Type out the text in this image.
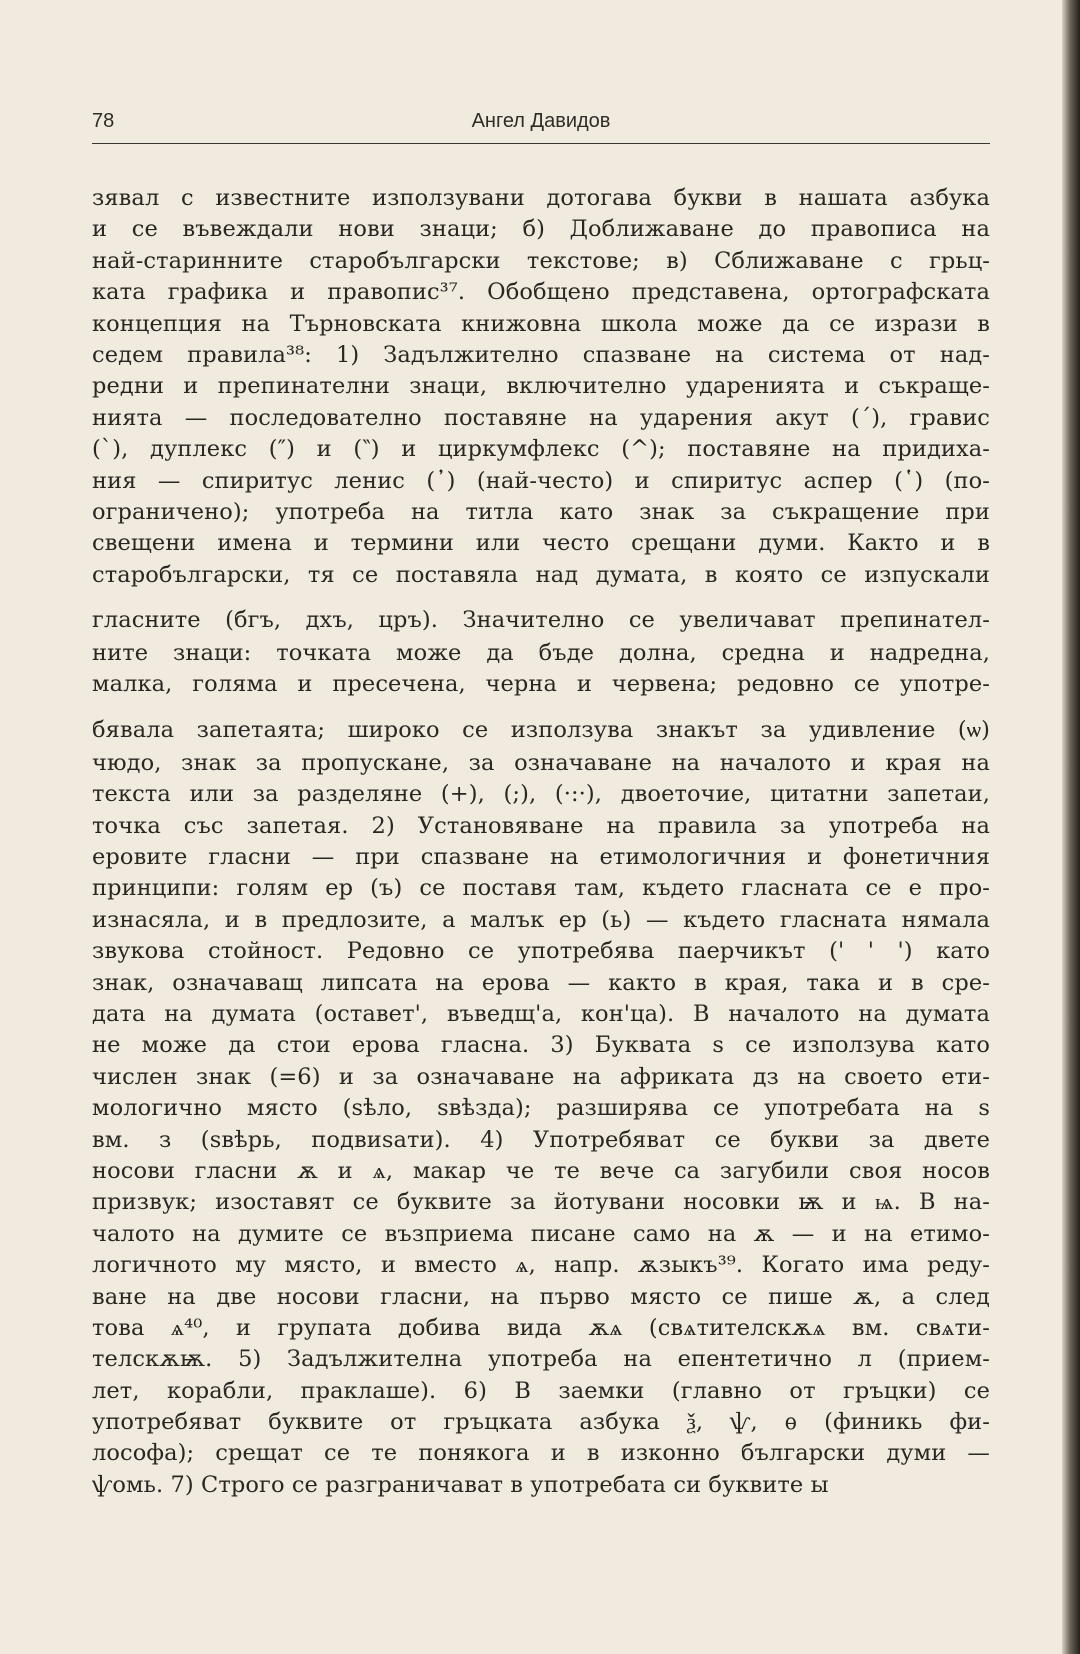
78	Ангел Давидов
зявал с известните използувани дотогава букви в нашата азбука
и се въвеждали нови знаци; б) Доближаване до правописа на
най-старинните старобългарски текстове; в) Сближаване с грьц-
ката графика и правопис³⁷. Обобщено представена, ортографската
концепция на Търновската книжовна школа може да се изрази в
седем правила³⁸: 1) Задължително спазване на система от над-
редни и препинателни знаци, включително ударенията и съкраще-
нията — последователно поставяне на ударения акут (´), гравис
(`), дуплекс (″) и (‶) и циркумфлекс (^); поставяне на придиха-
ния — спиритус ленис (᾿) (най-често) и спиритус аспер (῾) (по-
ограничено); употреба на титла като знак за съкращение при
свещени имена и термини или често срещани думи. Както и в
старобългарски, тя се поставяла над думата, в която се изпускали
гласните (бгъ, дхъ, цръ). Значително се увеличават препинател-
ните знаци: точката може да бъде долна, средна и надредна,
малка, голяма и пресечена, черна и червена; редовно се употре-
бявала запетаята; широко се използува знакът за удивление (ѡ)
чюдо, знак за пропускане, за означаване на началото и края на
текста или за разделяне (+), (;), (·:·), двоеточие, цитатни запетаи,
точка със запетая. 2) Установяване на правила за употреба на
еровите гласни — при спазване на етимологичния и фонетичния
принципи: голям ер (ъ) се поставя там, където гласната се е про-
изнасяла, и в предлозите, а малък ер (ь) — където гласната нямала
звукова стойност. Редовно се употребява паерчикът (' ' ') като
знак, означаващ липсата на ерова — както в края, така и в сре-
дата на думата (оставет', въведщ'а, кон'ца). В началото на думата
не може да стои ерова гласна. 3) Буквата ѕ се използува като
числен знак (=6) и за означаване на африката дз на своето ети-
мологично място (ѕѣло, ѕвѣзда); разширява се употребата на ѕ
вм. з (ѕвѣрь, подвиѕати). 4) Употребяват се букви за двете
носови гласни ѫ и ѧ, макар че те вече са загубили своя носов
призвук; изоставят се буквите за йотувани носовки ѭ и ѩ. В на-
чалото на думите се възприема писане само на ѫ — и на етимо-
логичното му място, и вместо ѧ, напр. ѫзыкъ³⁹. Когато има реду-
ване на две носови гласни, на първо място се пише ѫ, а след
това ѧ⁴⁰, и групата добива вида ѫѧ (свѧтителскѫѧ вм. свѧти-
телскѫѭ. 5) Задължителна употреба на епентетично л (прием-
лет, корабли, праклаше). 6) В заемки (главно от гръцки) се
употребяват буквите от гръцката азбука ѯ, ѱ, ѳ (финикь фи-
лософа); срещат се те понякога и в изконно български думи —
ѱомь. 7) Строго се разграничават в употребата си буквите ы
